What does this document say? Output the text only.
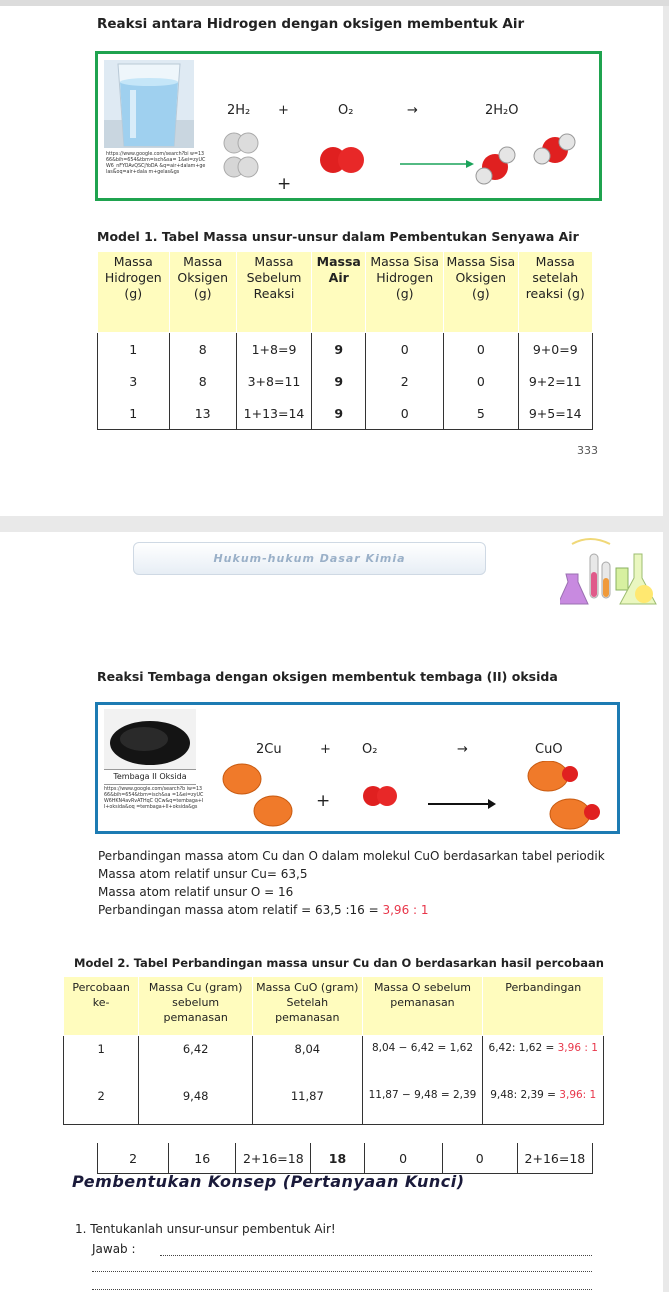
Reaksi antara Hidrogen dengan oksigen membentuk Air
https://www.google.com/search?bi w=1366&bih=654&tbm=isch&sa= 1&ei=zyUCW6_nFYOAvQSCjYoDA &q=air+dalam+gelas&oq=air+dala m+gelas&gs
2H₂ +	O₂	→	2H₂O
+
Model 1. Tabel Massa unsur-unsur dalam Pembentukan Senyawa Air
Massa Hidrogen (g)	Massa Oksigen (g)	Massa Sebelum Reaksi	Massa Air	Massa Sisa Hidrogen (g)	Massa Sisa Oksigen (g)	Massa setelah reaksi (g)
1	8	1+8=9	9	0	0	9+0=9
3	8	3+8=11	9	2	0	9+2=11
1	13	1+13=14	9	0	5	9+5=14
333
Hukum-hukum Dasar Kimia
2	16	2+16=18	18	0	0	2+16=18
Reaksi Tembaga dengan oksigen membentuk tembaga (II) oksida
Tembaga II Oksida
https://www.google.com/search?b iw=1366&bih=654&tbm=isch&sa =1&ei=zyUCW6HKN4avRvATHqC QCw&q=tembaga+II+oksida&oq =tembaga+II+oksida&gs
2Cu	+ O₂	→	CuO
+
Perbandingan massa atom Cu dan O dalam molekul CuO berdasarkan tabel periodik
Massa atom relatif unsur Cu= 63,5
Massa atom relatif unsur O = 16
Perbandingan massa atom relatif = 63,5 :16 = 3,96 : 1
Model 2. Tabel Perbandingan massa unsur Cu dan O berdasarkan hasil percobaan
Percobaan ke-	Massa Cu (gram) sebelum pemanasan	Massa CuO (gram) Setelah pemanasan	Massa O sebelum pemanasan	Perbandingan
1	6,42	8,04	8,04 − 6,42 = 1,62	6,42: 1,62 = 3,96 : 1
2	9,48	11,87	11,87 − 9,48 = 2,39	9,48: 2,39 = 3,96: 1
Pembentukan Konsep (Pertanyaan Kunci)
1. Tentukanlah unsur-unsur pembentuk Air!
Jawab :
